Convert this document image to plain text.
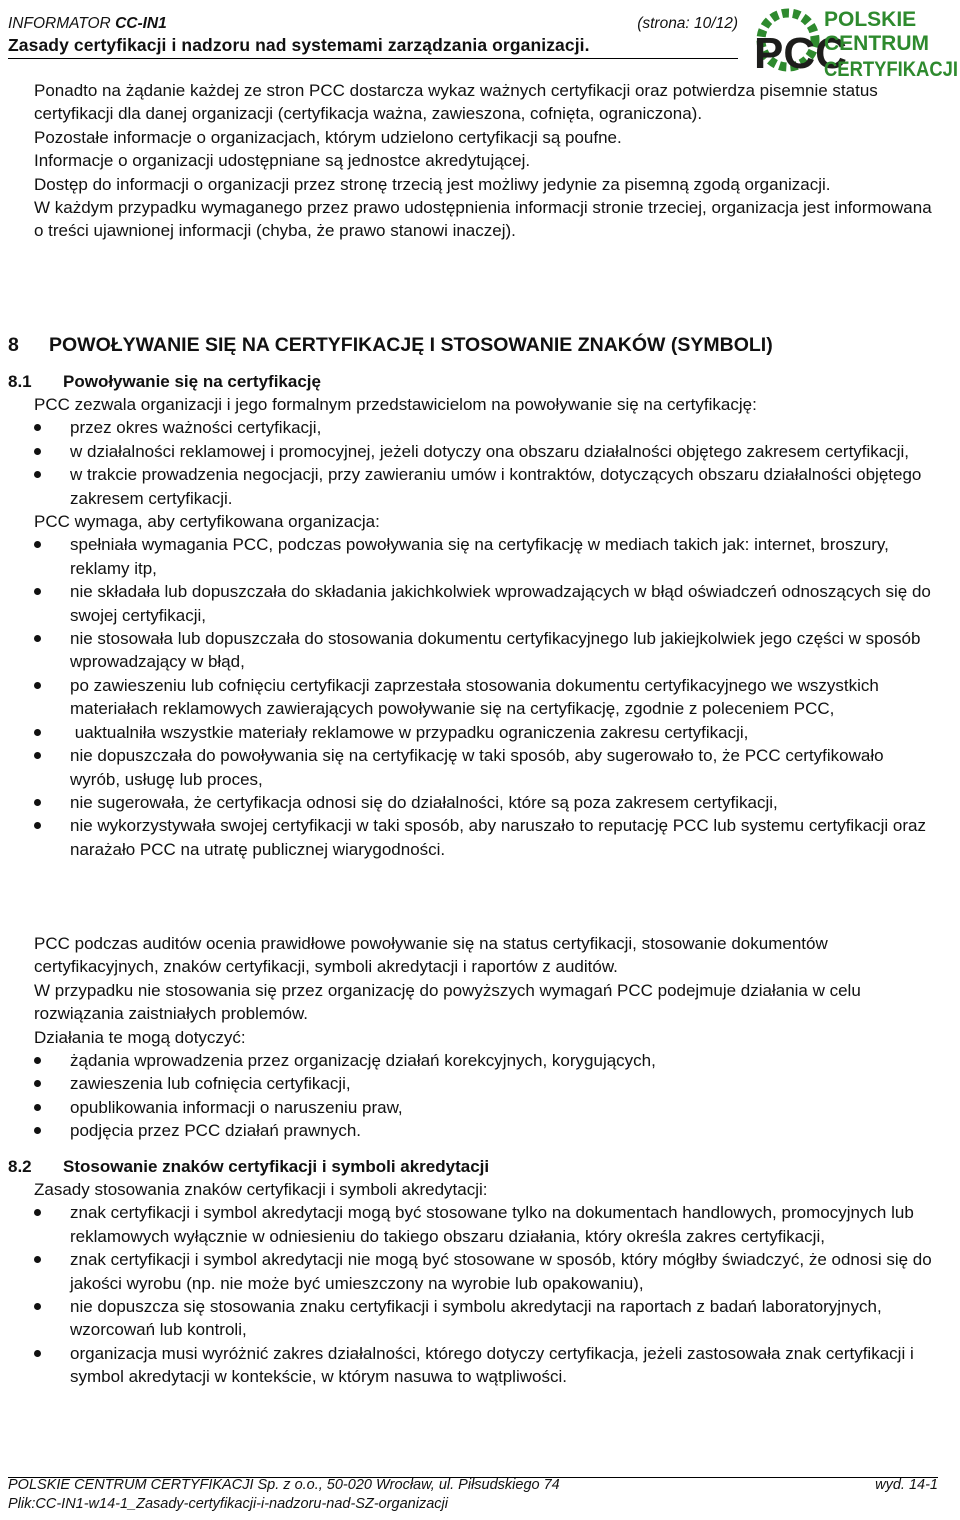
INFORMATOR CC-IN1	(strona: 10/12)
Zasady certyfikacji i nadzoru nad systemami zarządzania organizacji.	PCC
POLSKIE
CENTRUM
CERTYFIKACJI

Ponadto na żądanie każdej ze stron PCC dostarcza wykaz ważnych certyfikacji oraz potwierdza pisemnie status certyfikacji dla danej organizacji (certyfikacja ważna, zawieszona, cofnięta, ograniczona).

Pozostałe informacje o organizacjach, którym udzielono certyfikacji są poufne.

Informacje o organizacji udostępniane są jednostce akredytującej.

Dostęp do informacji o organizacji przez stronę trzecią jest możliwy jedynie za pisemną zgodą organizacji.

W każdym przypadku wymaganego przez prawo udostępnienia informacji stronie trzeciej, organizacja jest informowana o treści ujawnionej informacji (chyba, że prawo stanowi inaczej).

8 POWOŁYWANIE SIĘ NA CERTYFIKACJĘ I STOSOWANIE ZNAKÓW (SYMBOLI)
8.1 Powoływanie się na certyfikację

PCC zezwala organizacji i jego formalnym przedstawicielom na powoływanie się na certyfikację:

przez okres ważności certyfikacji,
w działalności reklamowej i promocyjnej, jeżeli dotyczy ona obszaru działalności objętego zakresem certyfikacji,
w trakcie prowadzenia negocjacji, przy zawieraniu umów i kontraktów, dotyczących obszaru działalności objętego zakresem certyfikacji.

PCC wymaga, aby certyfikowana organizacja:

spełniała wymagania PCC, podczas powoływania się na certyfikację w mediach takich jak: internet, broszury, reklamy itp,
nie składała lub dopuszczała do składania jakichkolwiek wprowadzających w błąd oświadczeń odnoszących się do swojej certyfikacji,
nie stosowała lub dopuszczała do stosowania dokumentu certyfikacyjnego lub jakiejkolwiek jego części w sposób wprowadzający w błąd,
po zawieszeniu lub cofnięciu certyfikacji zaprzestała stosowania dokumentu certyfikacyjnego we wszystkich materiałach reklamowych zawierających powoływanie się na certyfikację, zgodnie z poleceniem PCC,
uaktualniła wszystkie materiały reklamowe w przypadku ograniczenia zakresu certyfikacji,
nie dopuszczała do powoływania się na certyfikację w taki sposób, aby sugerowało to, że PCC certyfikowało wyrób, usługę lub proces,
nie sugerowała, że certyfikacja odnosi się do działalności, które są poza zakresem certyfikacji,
nie wykorzystywała swojej certyfikacji w taki sposób, aby naruszało to reputację PCC lub systemu certyfikacji oraz narażało PCC na utratę publicznej wiarygodności.

PCC podczas auditów ocenia prawidłowe powoływanie się na status certyfikacji, stosowanie dokumentów certyfikacyjnych, znaków certyfikacji, symboli akredytacji i raportów z auditów.

W przypadku nie stosowania się przez organizację do powyższych wymagań PCC podejmuje działania w celu rozwiązania zaistniałych problemów.

Działania te mogą dotyczyć:

żądania wprowadzenia przez organizację działań korekcyjnych, korygujących,
zawieszenia lub cofnięcia certyfikacji,
opublikowania informacji o naruszeniu praw,
podjęcia przez PCC działań prawnych.
8.2 Stosowanie znaków certyfikacji i symboli akredytacji

Zasady stosowania znaków certyfikacji i symboli akredytacji:

znak certyfikacji i symbol akredytacji mogą być stosowane tylko na dokumentach handlowych, promocyjnych lub reklamowych wyłącznie w odniesieniu do takiego obszaru działania, który określa zakres certyfikacji,
znak certyfikacji i symbol akredytacji nie mogą być stosowane w sposób, który mógłby świadczyć, że odnosi się do jakości wyrobu (np. nie może być umieszczony na wyrobie lub opakowaniu),
nie dopuszcza się stosowania znaku certyfikacji i symbolu akredytacji na raportach z badań laboratoryjnych, wzorcowań lub kontroli,
organizacja musi wyróżnić zakres działalności, którego dotyczy certyfikacja, jeżeli zastosowała znak certyfikacji i symbol akredytacji w kontekście, w którym nasuwa to wątpliwości.
POLSKIE CENTRUM CERTYFIKACJI Sp. z o.o., 50-020 Wrocław, ul. Piłsudskiego 74	wyd. 14-1
Plik:CC-IN1-w14-1_Zasady-certyfikacji-i-nadzoru-nad-SZ-organizacji
